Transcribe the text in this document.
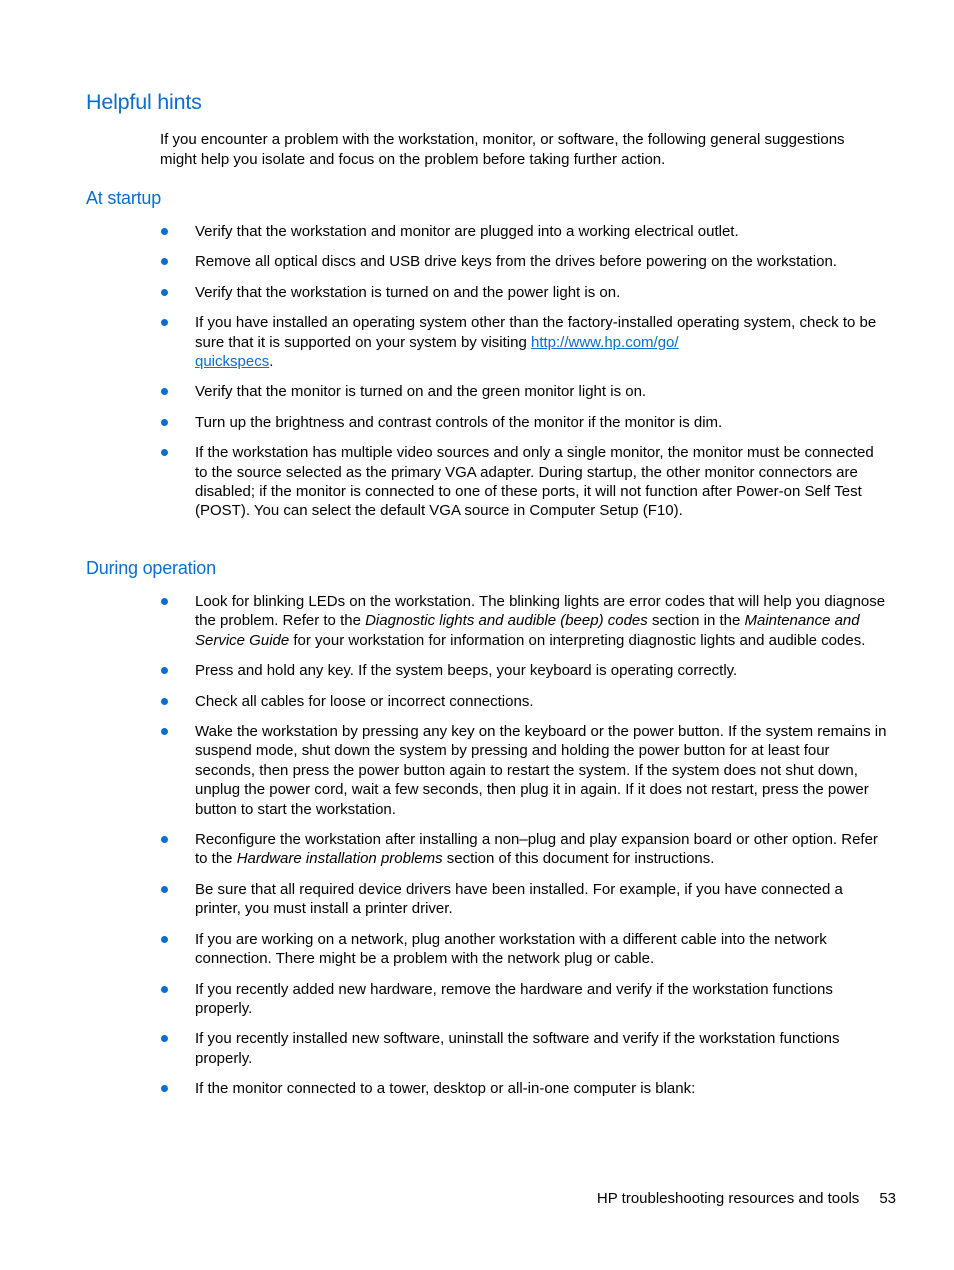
Helpful hints

If you encounter a problem with the workstation, monitor, or software, the following general suggestions might help you isolate and focus on the problem before taking further action.

At startup
Verify that the workstation and monitor are plugged into a working electrical outlet.
Remove all optical discs and USB drive keys from the drives before powering on the workstation.
Verify that the workstation is turned on and the power light is on.
If you have installed an operating system other than the factory-installed operating system, check to be sure that it is supported on your system by visiting http://www.hp.com/go/
quickspecs.
Verify that the monitor is turned on and the green monitor light is on.
Turn up the brightness and contrast controls of the monitor if the monitor is dim.
If the workstation has multiple video sources and only a single monitor, the monitor must be connected to the source selected as the primary VGA adapter. During startup, the other monitor connectors are disabled; if the monitor is connected to one of these ports, it will not function after Power-on Self Test (POST). You can select the default VGA source in Computer Setup (F10).
During operation
Look for blinking LEDs on the workstation. The blinking lights are error codes that will help you diagnose the problem. Refer to the Diagnostic lights and audible (beep) codes section in the Maintenance and Service Guide for your workstation for information on interpreting diagnostic lights and audible codes.
Press and hold any key. If the system beeps, your keyboard is operating correctly.
Check all cables for loose or incorrect connections.
Wake the workstation by pressing any key on the keyboard or the power button. If the system remains in suspend mode, shut down the system by pressing and holding the power button for at least four seconds, then press the power button again to restart the system. If the system does not shut down, unplug the power cord, wait a few seconds, then plug it in again. If it does not restart, press the power button to start the workstation.
Reconfigure the workstation after installing a non–plug and play expansion board or other option. Refer to the Hardware installation problems section of this document for instructions.
Be sure that all required device drivers have been installed. For example, if you have connected a printer, you must install a printer driver.
If you are working on a network, plug another workstation with a different cable into the network connection. There might be a problem with the network plug or cable.
If you recently added new hardware, remove the hardware and verify if the workstation functions properly.
If you recently installed new software, uninstall the software and verify if the workstation functions properly.
If the monitor connected to a tower, desktop or all-in-one computer is blank:
HP troubleshooting resources and tools 53
